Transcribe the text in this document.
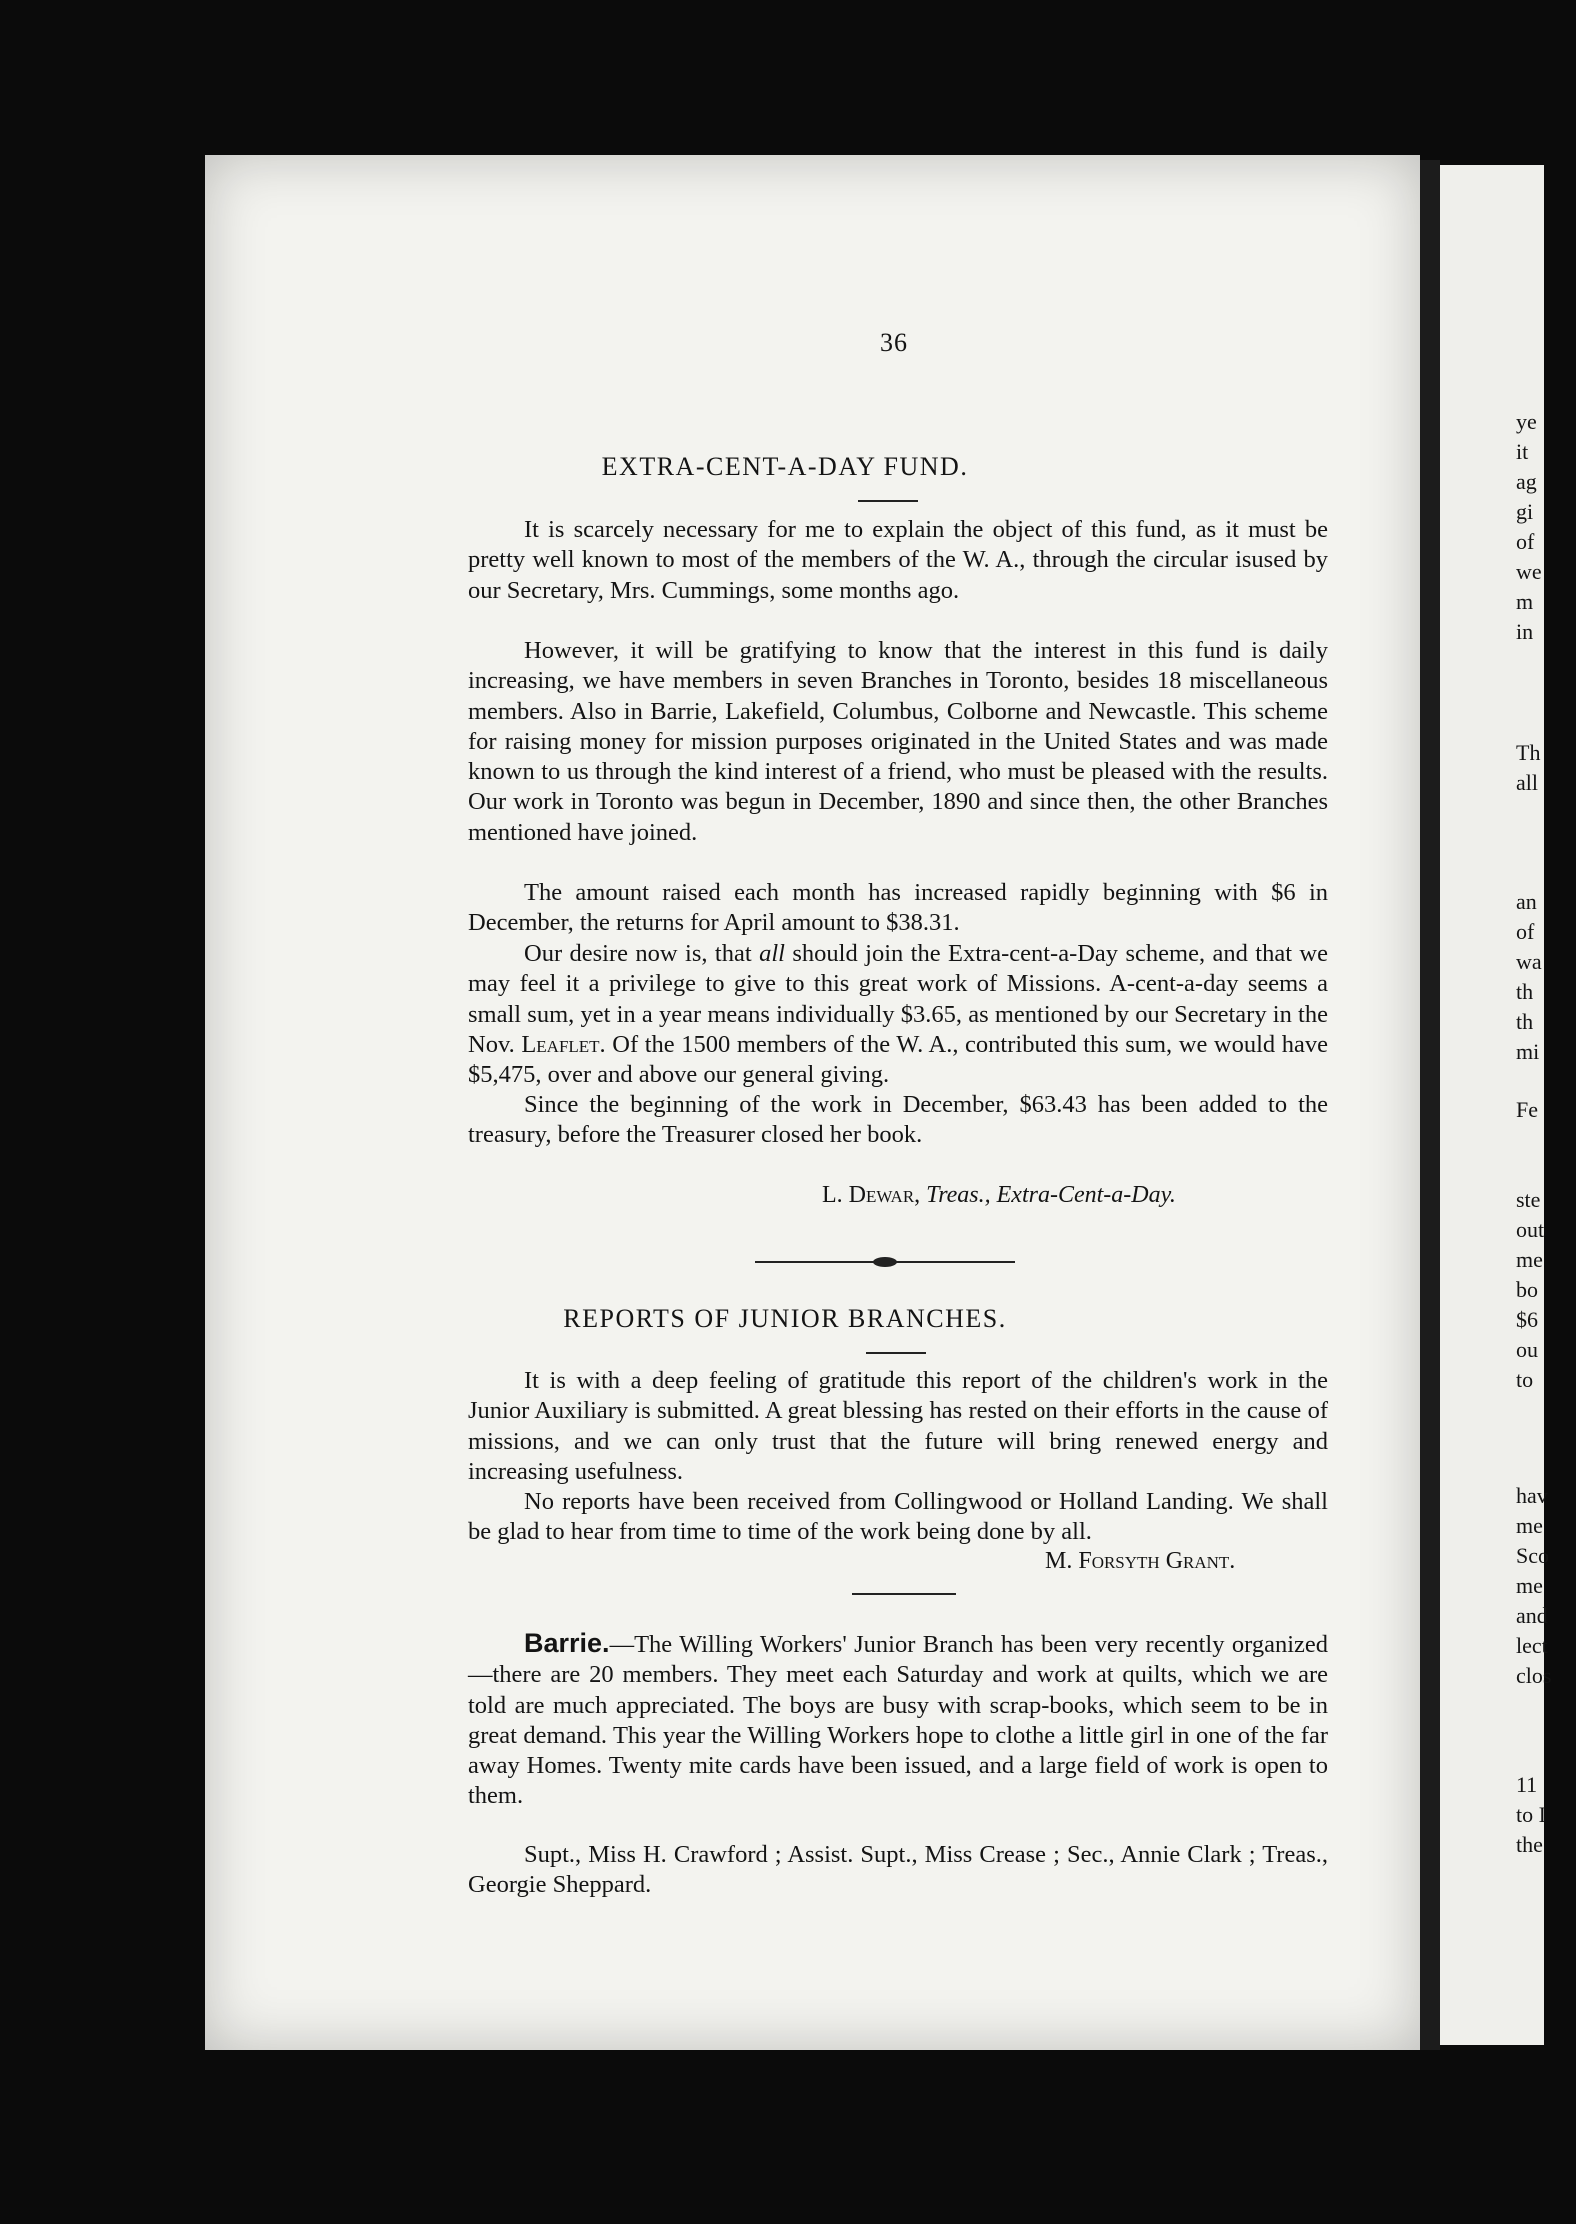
ye
it
ag
gi
of
we
m
in
Th
all
an
of
wa
th
th
mi
Fe
ste
out
me
bo
$6
ou
to
hav
me
Sco
me
and
lect
clos
11
to I
the
36
EXTRA-CENT-A-DAY FUND.

It is scarcely necessary for me to explain the object of this fund, as it must be pretty well known to most of the members of the W. A., through the circular isused by our Secretary, Mrs. Cummings, some months ago.

However, it will be gratifying to know that the interest in this fund is daily increasing, we have members in seven Branches in Toronto, besides 18 miscellaneous members. Also in Barrie, Lakefield, Columbus, Colborne and Newcastle. This scheme for raising money for mission purposes originated in the United States and was made known to us through the kind interest of a friend, who must be pleased with the results. Our work in Toronto was begun in December, 1890 and since then, the other Branches mentioned have joined.

The amount raised each month has increased rapidly beginning with $6 in December, the returns for April amount to $38.31.

Our desire now is, that all should join the Extra-cent-a-Day scheme, and that we may feel it a privilege to give to this great work of Missions. A-cent-a-day seems a small sum, yet in a year means individually $3.65, as mentioned by our Secretary in the Nov. Leaflet. Of the 1500 members of the W. A., contributed this sum, we would have $5,475, over and above our general giving.

Since the beginning of the work in December, $63.43 has been added to the treasury, before the Treasurer closed her book.

L. Dewar, Treas., Extra-Cent-a-Day.
REPORTS OF JUNIOR BRANCHES.

It is with a deep feeling of gratitude this report of the children's work in the Junior Auxiliary is submitted. A great blessing has rested on their efforts in the cause of missions, and we can only trust that the future will bring renewed energy and increasing usefulness.

No reports have been received from Collingwood or Holland Landing. We shall be glad to hear from time to time of the work being done by all.

M. Forsyth Grant.

Barrie.—The Willing Workers' Junior Branch has been very recently organized—there are 20 members. They meet each Saturday and work at quilts, which we are told are much appreciated. The boys are busy with scrap-books, which seem to be in great demand. This year the Willing Workers hope to clothe a little girl in one of the far away Homes. Twenty mite cards have been issued, and a large field of work is open to them.

Supt., Miss H. Crawford ; Assist. Supt., Miss Crease ; Sec., Annie Clark ; Treas., Georgie Sheppard.
